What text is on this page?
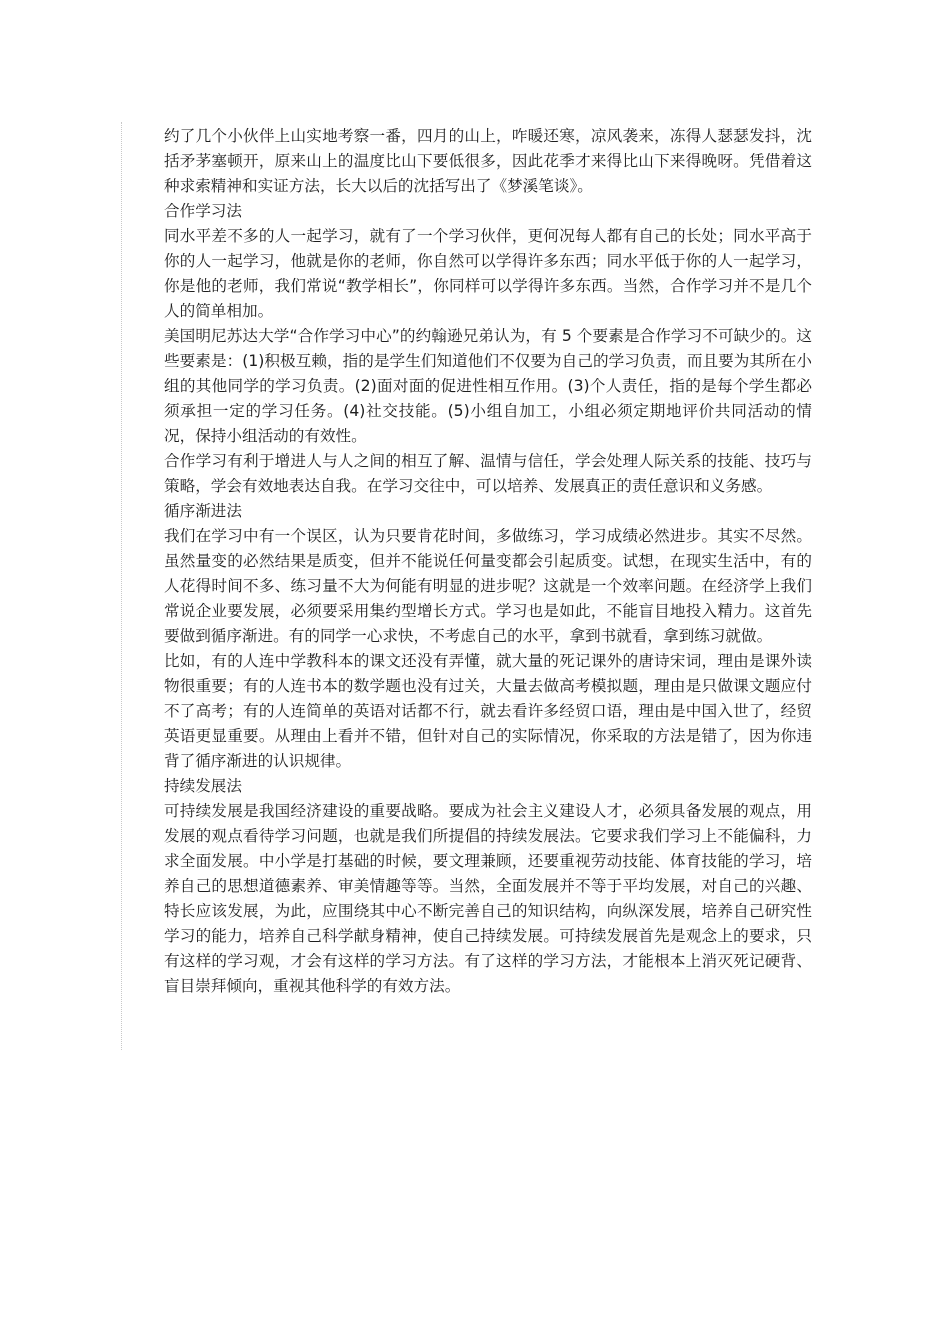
约了几个小伙伴上山实地考察一番，四月的山上，咋暖还寒，凉风袭来，冻得人瑟瑟发抖，沈括矛茅塞顿开，原来山上的温度比山下要低很多，因此花季才来得比山下来得晚呀。凭借着这种求索精神和实证方法，长大以后的沈括写出了《梦溪笔谈》。

合作学习法

同水平差不多的人一起学习，就有了一个学习伙伴，更何况每人都有自己的长处；同水平高于你的人一起学习，他就是你的老师，你自然可以学得许多东西；同水平低于你的人一起学习，你是他的老师，我们常说“教学相长”，你同样可以学得许多东西。当然，合作学习并不是几个人的简单相加。

美国明尼苏达大学“合作学习中心”的约翰逊兄弟认为，有 5 个要素是合作学习不可缺少的。这些要素是：(1)积极互赖，指的是学生们知道他们不仅要为自己的学习负责，而且要为其所在小组的其他同学的学习负责。(2)面对面的促进性相互作用。(3)个人责任，指的是每个学生都必须承担一定的学习任务。(4)社交技能。(5)小组自加工，小组必须定期地评价共同活动的情况，保持小组活动的有效性。

合作学习有利于增进人与人之间的相互了解、温情与信任，学会处理人际关系的技能、技巧与策略，学会有效地表达自我。在学习交往中，可以培养、发展真正的责任意识和义务感。

循序渐进法

我们在学习中有一个误区，认为只要肯花时间，多做练习，学习成绩必然进步。其实不尽然。虽然量变的必然结果是质变，但并不能说任何量变都会引起质变。试想，在现实生活中，有的人花得时间不多、练习量不大为何能有明显的进步呢？这就是一个效率问题。在经济学上我们常说企业要发展，必须要采用集约型增长方式。学习也是如此，不能盲目地投入精力。这首先要做到循序渐进。有的同学一心求快，不考虑自己的水平，拿到书就看，拿到练习就做。

比如，有的人连中学教科本的课文还没有弄懂，就大量的死记课外的唐诗宋词，理由是课外读物很重要；有的人连书本的数学题也没有过关，大量去做高考模拟题，理由是只做课文题应付不了高考；有的人连简单的英语对话都不行，就去看许多经贸口语，理由是中国入世了，经贸英语更显重要。从理由上看并不错，但针对自己的实际情况，你采取的方法是错了，因为你违背了循序渐进的认识规律。

持续发展法

可持续发展是我国经济建设的重要战略。要成为社会主义建设人才，必须具备发展的观点，用发展的观点看待学习问题，也就是我们所提倡的持续发展法。它要求我们学习上不能偏科，力求全面发展。中小学是打基础的时候，要文理兼顾，还要重视劳动技能、体育技能的学习，培养自己的思想道德素养、审美情趣等等。当然，全面发展并不等于平均发展，对自己的兴趣、特长应该发展，为此，应围绕其中心不断完善自己的知识结构，向纵深发展，培养自己研究性学习的能力，培养自己科学献身精神，使自己持续发展。可持续发展首先是观念上的要求，只有这样的学习观，才会有这样的学习方法。有了这样的学习方法，才能根本上消灭死记硬背、盲目崇拜倾向，重视其他科学的有效方法。
